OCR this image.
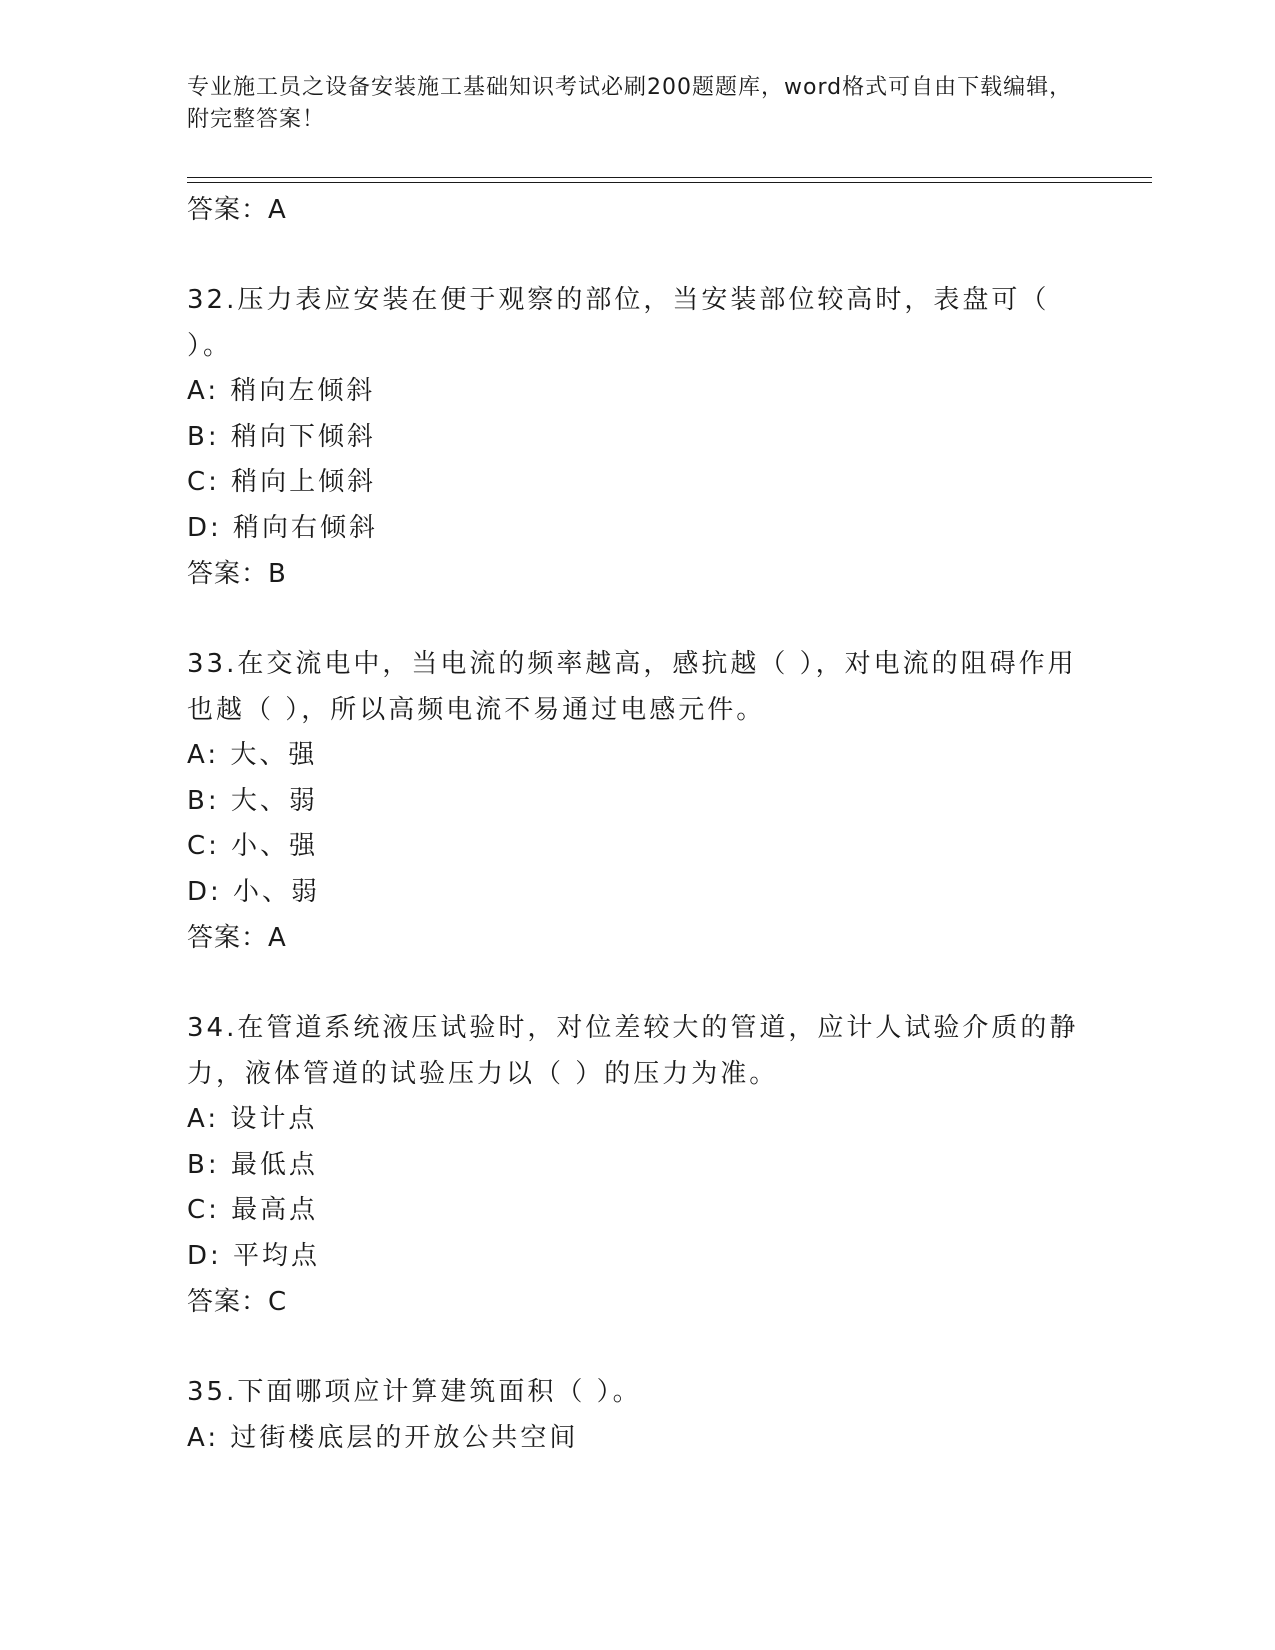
专业施工员之设备安装施工基础知识考试必刷200题题库，word格式可自由下载编辑，附完整答案！
答案：A
32.压力表应安装在便于观察的部位，当安装部位较高时，表盘可（ ）。
A: 稍向左倾斜
B: 稍向下倾斜
C: 稍向上倾斜
D: 稍向右倾斜
答案：B
33.在交流电中，当电流的频率越高，感抗越（ ），对电流的阻碍作用也越（ ），所以高频电流不易通过电感元件。
A: 大、强
B: 大、弱
C: 小、强
D: 小、弱
答案：A
34.在管道系统液压试验时，对位差较大的管道，应计人试验介质的静力，液体管道的试验压力以（ ）的压力为准。
A: 设计点
B: 最低点
C: 最高点
D: 平均点
答案：C
35.下面哪项应计算建筑面积（ ）。
A: 过街楼底层的开放公共空间
